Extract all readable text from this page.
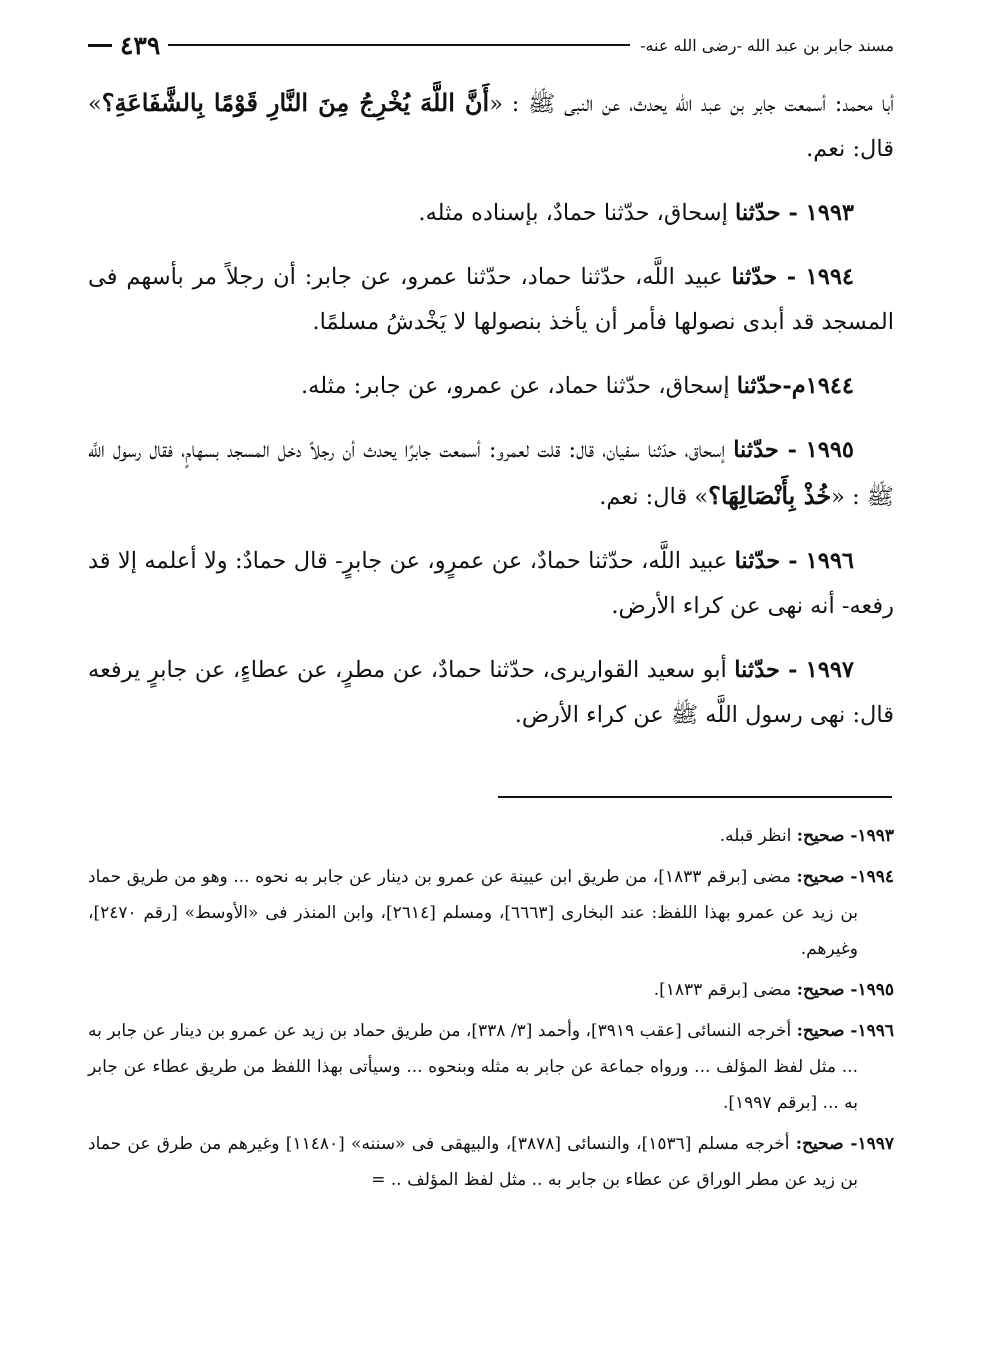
مسند جابر بن عبد الله -رضى الله عنه-
٤٣٩

أبا محمد: أسمعت جابر بن عبد الله يحدث، عن النبى ﷺ : «أَنَّ اللَّهَ يُخْرِجُ مِنَ النَّارِ قَوْمًا بِالشَّفَاعَةِ؟» قال: نعم.

١٩٩٣ - حدّثنا إسحاق، حدّثنا حمادٌ، بإسناده مثله.

١٩٩٤ - حدّثنا عبيد اللَّه، حدّثنا حماد، حدّثنا عمرو، عن جابر: أن رجلاً مر بأسهم فى المسجد قد أبدى نصولها فأمر أن يأخذ بنصولها لا يَخْدشُ مسلمًا.

١٩٤٤م-حدّثنا إسحاق، حدّثنا حماد، عن عمرو، عن جابر: مثله.

١٩٩٥ - حدّثنا إسحاق، حدّثنا سفيان، قال: قلت لعمرو: أسمعت جابرًا يحدث أن رجلاً دخل المسجد بسهامٍ، فقال رسول اللَّه ﷺ : «خُذْ بِأَنْصَالِهَا؟» قال: نعم.

١٩٩٦ - حدّثنا عبيد اللَّه، حدّثنا حمادٌ، عن عمرٍو، عن جابرٍ- قال حمادٌ: ولا أعلمه إلا قد رفعه- أنه نهى عن كراء الأرض.

١٩٩٧ - حدّثنا أبو سعيد القواريرى، حدّثنا حمادٌ، عن مطرٍ، عن عطاءٍ، عن جابرٍ يرفعه قال: نهى رسول اللَّه ﷺ عن كراء الأرض.

١٩٩٣- صحيح: انظر قبله.

١٩٩٤- صحيح: مضى [برقم ١٨٣٣]، من طريق ابن عيينة عن عمرو بن دينار عن جابر به نحوه ... وهو من طريق حماد بن زيد عن عمرو بهذا اللفظ: عند البخارى [٦٦٦٣]، ومسلم [٢٦١٤]، وابن المنذر فى «الأوسط» [رقم ٢٤٧٠]، وغيرهم.

١٩٩٥- صحيح: مضى [برقم ١٨٣٣].

١٩٩٦- صحيح: أخرجه النسائى [عقب ٣٩١٩]، وأحمد [٣/ ٣٣٨]، من طريق حماد بن زيد عن عمرو بن دينار عن جابر به ... مثل لفظ المؤلف ... ورواه جماعة عن جابر به مثله وبنحوه ... وسيأتى بهذا اللفظ من طريق عطاء عن جابر به ... [برقم ١٩٩٧].

١٩٩٧- صحيح: أخرجه مسلم [١٥٣٦]، والنسائى [٣٨٧٨]، والبيهقى فى «سننه» [١١٤٨٠] وغيرهم من طرق عن حماد بن زيد عن مطر الوراق عن عطاء بن جابر به .. مثل لفظ المؤلف .. =
